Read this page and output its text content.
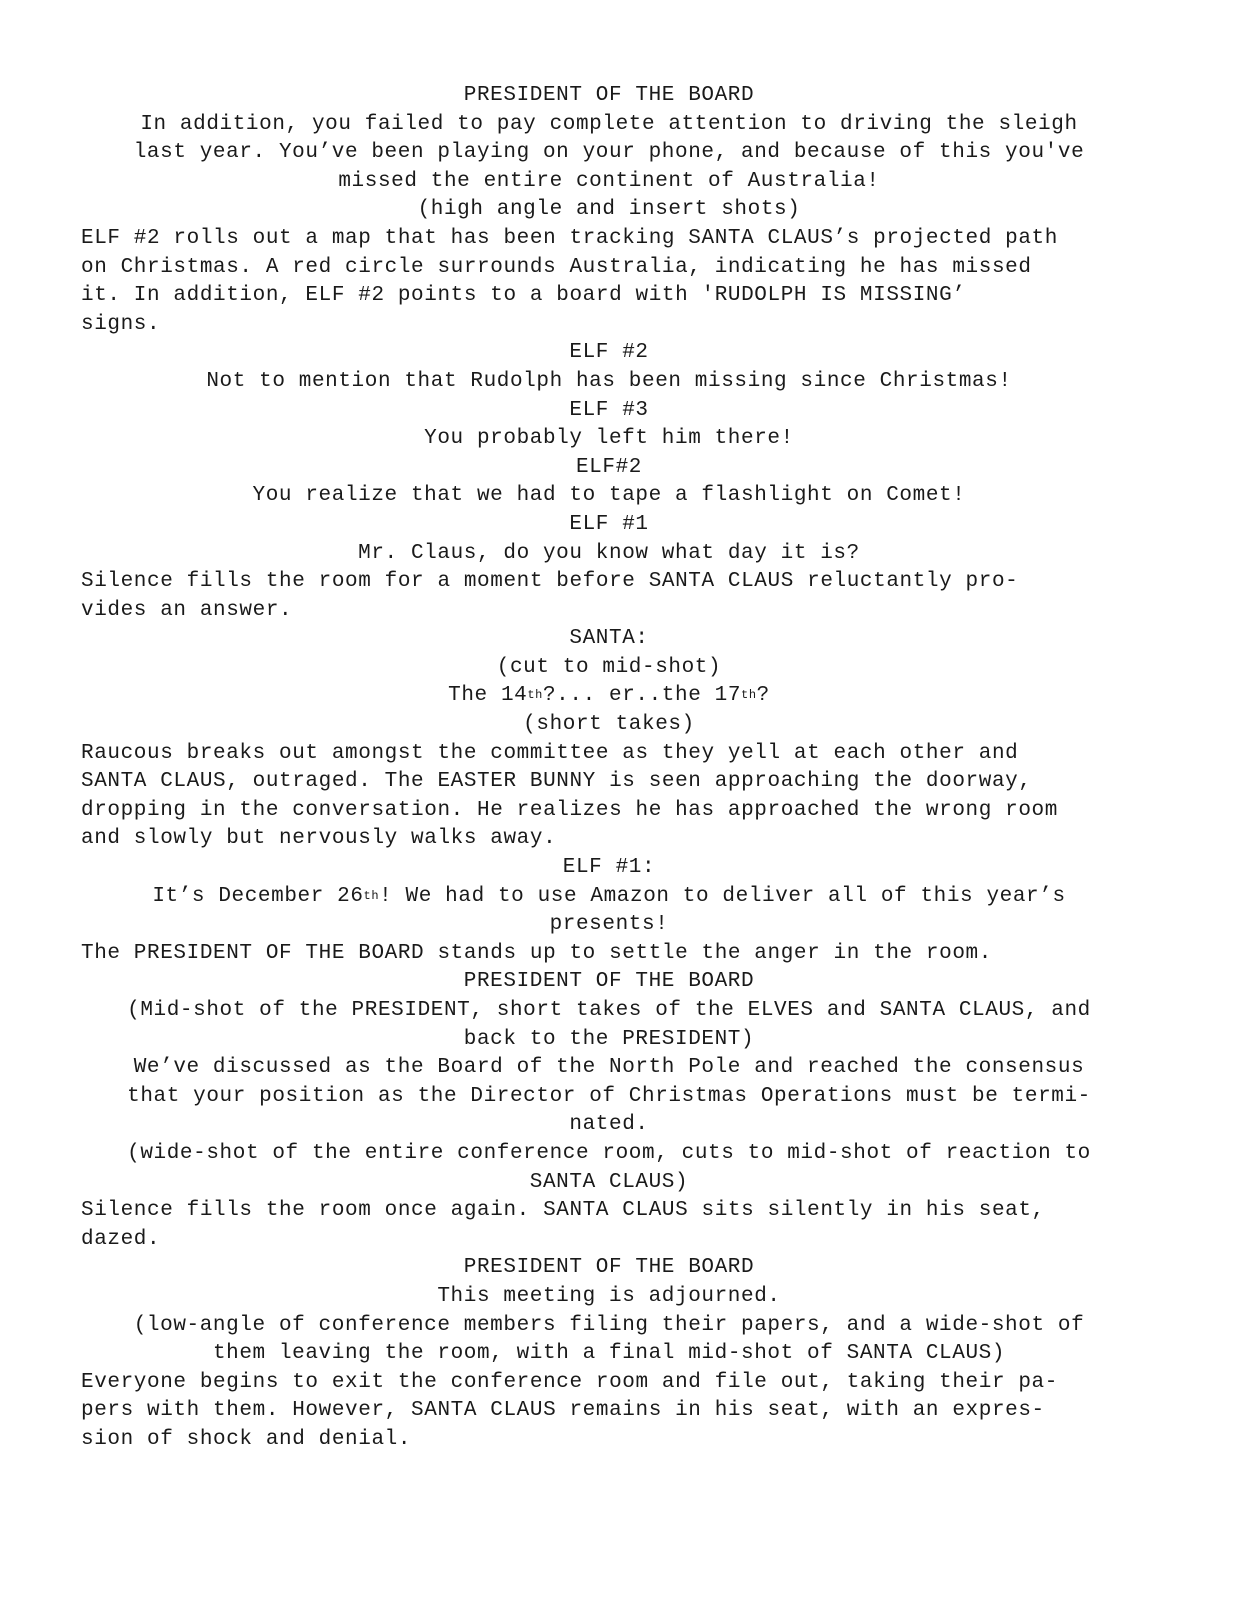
PRESIDENT OF THE BOARD
In addition, you failed to pay complete attention to driving the sleigh
last year. You’ve been playing on your phone, and because of this you've
missed the entire continent of Australia!
(high angle and insert shots)
ELF #2 rolls out a map that has been tracking SANTA CLAUS’s projected path
on Christmas. A red circle surrounds Australia, indicating he has missed
it. In addition, ELF #2 points to a board with 'RUDOLPH IS MISSING’
signs.
ELF #2
Not to mention that Rudolph has been missing since Christmas!
ELF #3
You probably left him there!
ELF#2
You realize that we had to tape a flashlight on Comet!
ELF #1
Mr. Claus, do you know what day it is?
Silence fills the room for a moment before SANTA CLAUS reluctantly pro-
vides an answer.
SANTA:
(cut to mid-shot)
The 14th?... er..the 17th?
(short takes)
Raucous breaks out amongst the committee as they yell at each other and
SANTA CLAUS, outraged. The EASTER BUNNY is seen approaching the doorway,
dropping in the conversation. He realizes he has approached the wrong room
and slowly but nervously walks away.
ELF #1:
It’s December 26th! We had to use Amazon to deliver all of this year’s
presents!
The PRESIDENT OF THE BOARD stands up to settle the anger in the room.
PRESIDENT OF THE BOARD
(Mid-shot of the PRESIDENT, short takes of the ELVES and SANTA CLAUS, and
back to the PRESIDENT)
We’ve discussed as the Board of the North Pole and reached the consensus
that your position as the Director of Christmas Operations must be termi-
nated.
(wide-shot of the entire conference room, cuts to mid-shot of reaction to
SANTA CLAUS)
Silence fills the room once again. SANTA CLAUS sits silently in his seat,
dazed.
PRESIDENT OF THE BOARD
This meeting is adjourned.
(low-angle of conference members filing their papers, and a wide-shot of
them leaving the room, with a final mid-shot of SANTA CLAUS)
Everyone begins to exit the conference room and file out, taking their pa-
pers with them. However, SANTA CLAUS remains in his seat, with an expres-
sion of shock and denial.
